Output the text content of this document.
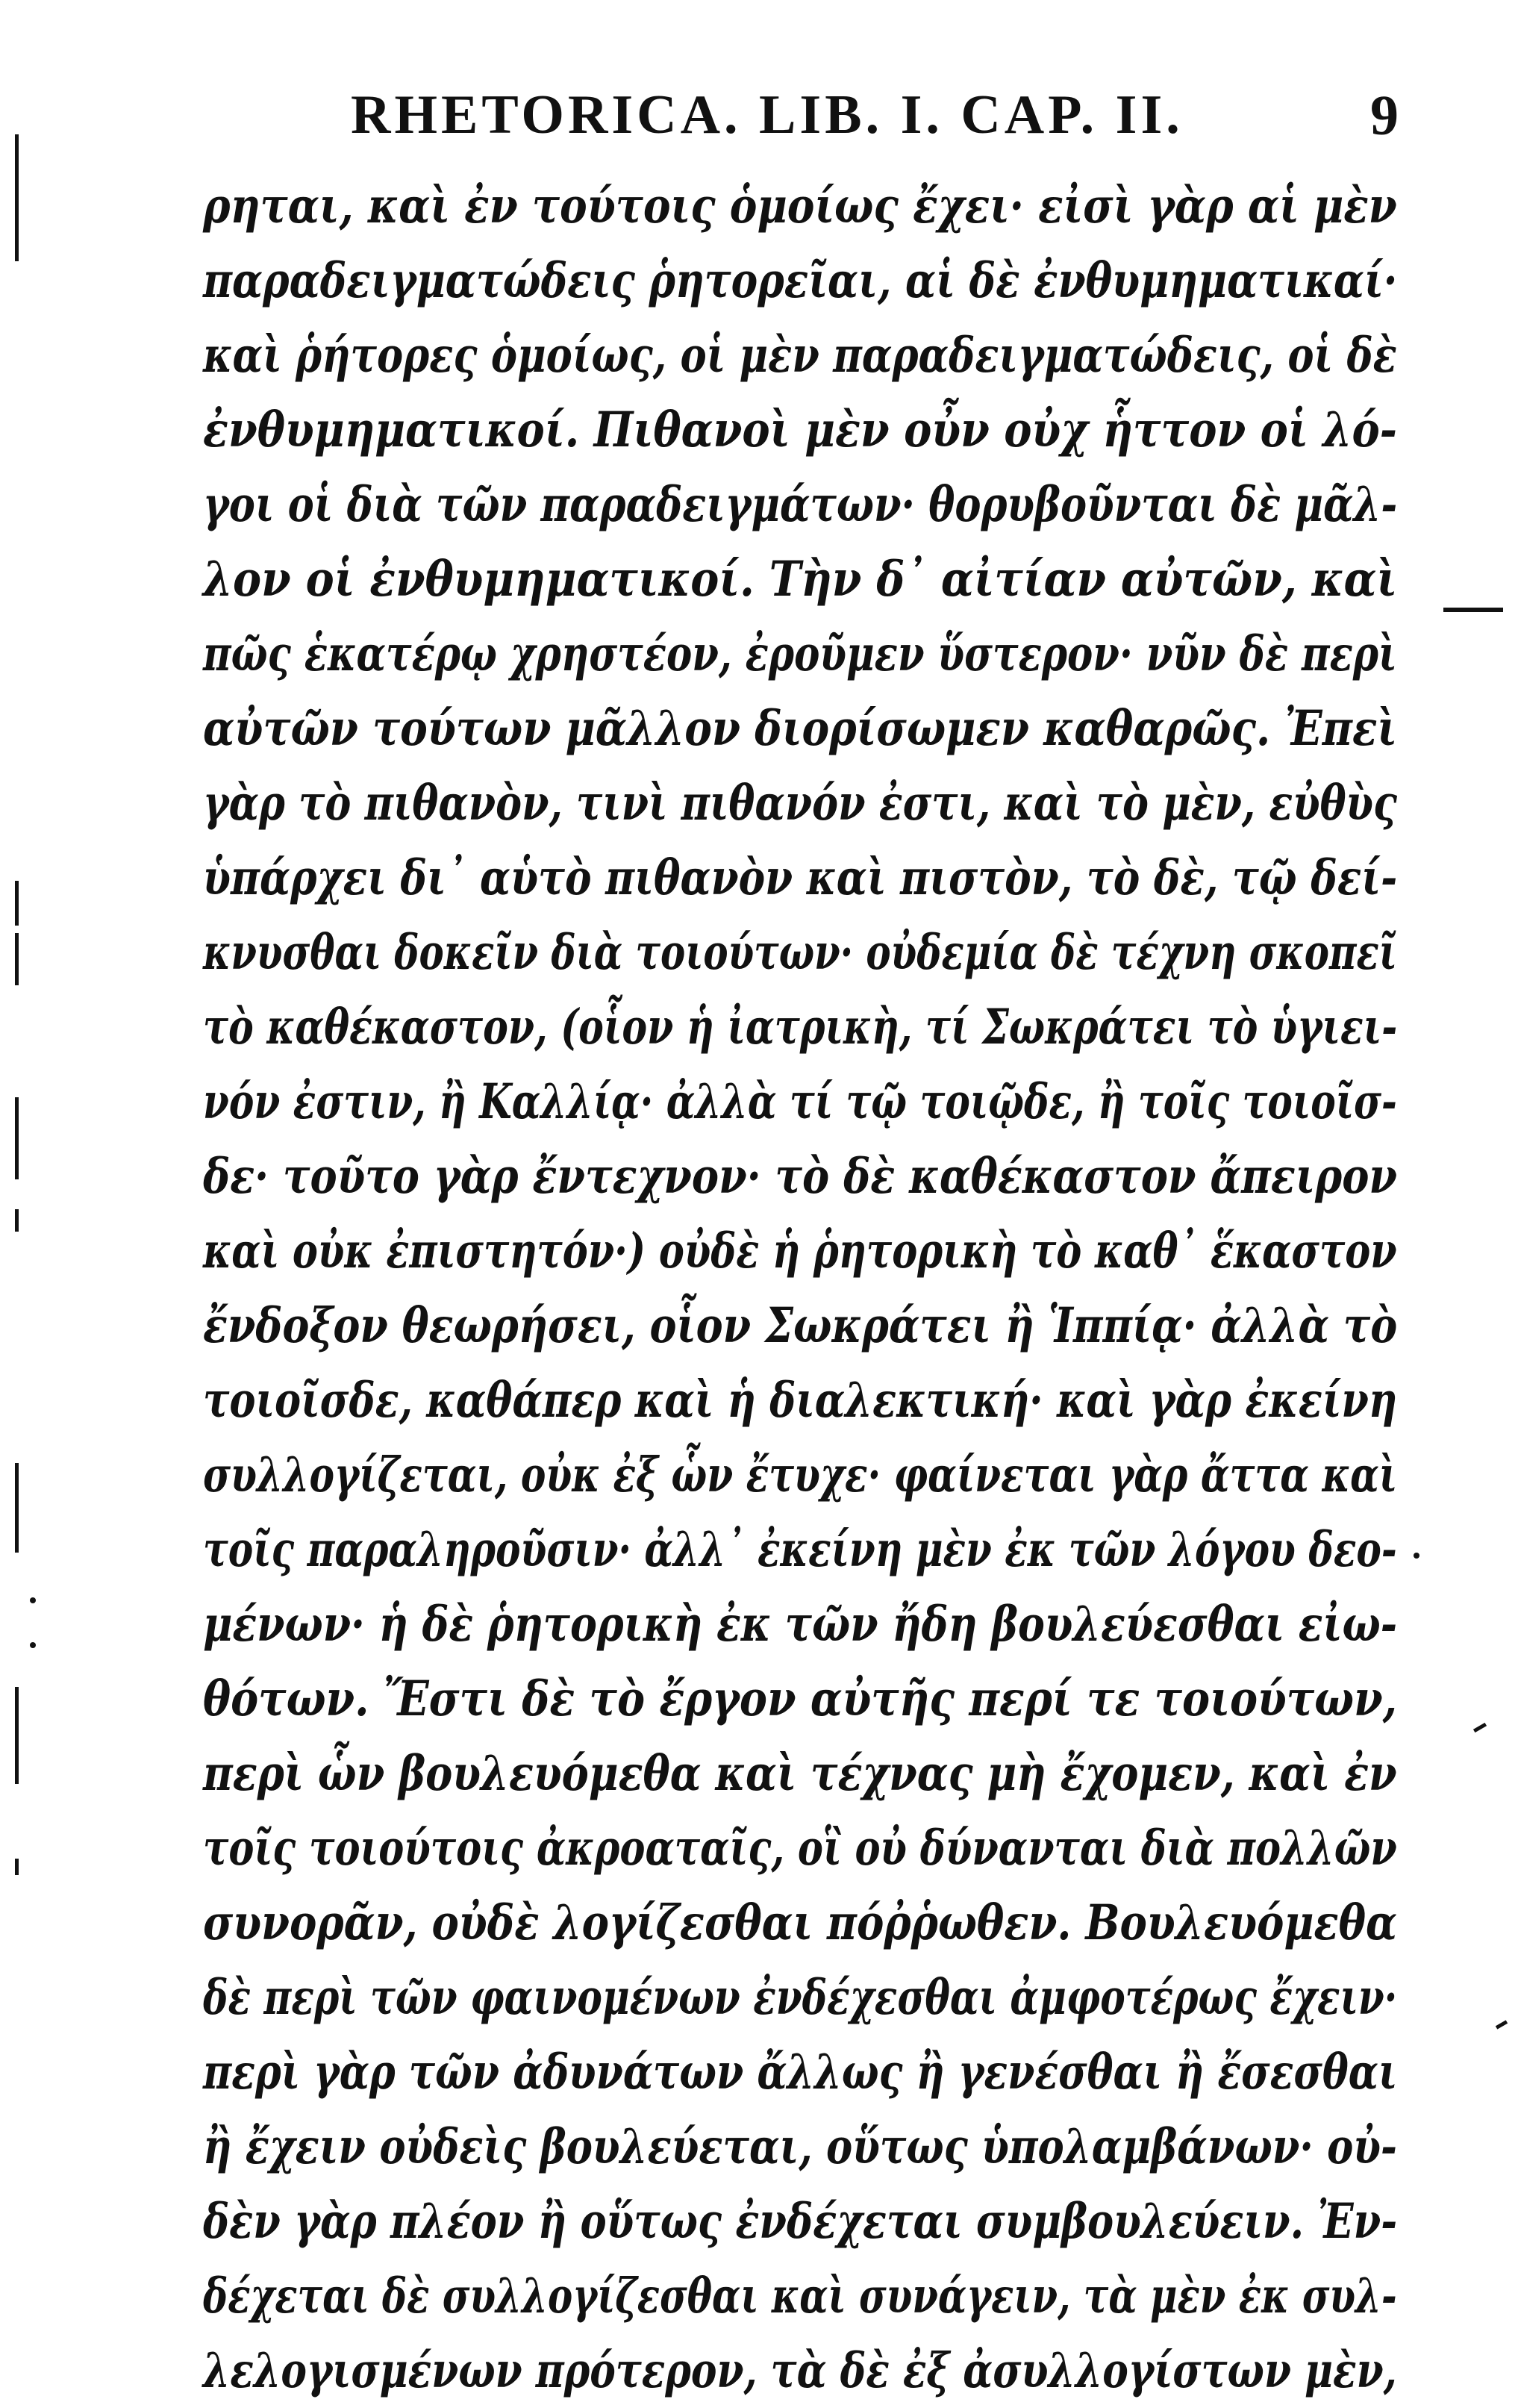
RHETORICA. LIB. I. CAP. II.	9
ρηται, καὶ ἐν τούτοις ὁμοίως ἔχει· εἰσὶ γὰρ αἱ μὲν
παραδειγματώδεις ῥητορεῖαι, αἱ δὲ ἐνθυμηματικαί·
καὶ ῥήτορες ὁμοίως, οἱ μὲν παραδειγματώδεις, οἱ δὲ
ἐνθυμηματικοί. Πιθανοὶ μὲν οὖν οὐχ ἧττον οἱ λό-
γοι οἱ διὰ τῶν παραδειγμάτων· θορυβοῦνται δὲ μᾶλ-
λον οἱ ἐνθυμηματικοί. Τὴν δ᾽ αἰτίαν αὐτῶν, καὶ
πῶς ἑκατέρῳ χρηστέον, ἐροῦμεν ὕστερον· νῦν δὲ περὶ
αὐτῶν τούτων μᾶλλον διορίσωμεν καθαρῶς. Ἐπεὶ
γὰρ τὸ πιθανὸν, τινὶ πιθανόν ἐστι, καὶ τὸ μὲν, εὐθὺς
ὑπάρχει δι᾽ αὑτὸ πιθανὸν καὶ πιστὸν, τὸ δὲ, τῷ δεί-
κνυσθαι δοκεῖν διὰ τοιούτων· οὐδεμία δὲ τέχνη σκοπεῖ
τὸ καθέκαστον, (οἷον ἡ ἰατρικὴ, τί Σωκράτει τὸ ὑγιει-
νόν ἐστιν, ἢ Καλλίᾳ· ἀλλὰ τί τῷ τοιῷδε, ἢ τοῖς τοιοῖσ-
δε· τοῦτο γὰρ ἔντεχνον· τὸ δὲ καθέκαστον ἄπειρον
καὶ οὐκ ἐπιστητόν·) οὐδὲ ἡ ῥητορικὴ τὸ καθ᾽ ἕκαστον
ἔνδοξον θεωρήσει, οἷον Σωκράτει ἢ Ἱππίᾳ· ἀλλὰ τὸ
τοιοῖσδε, καθάπερ καὶ ἡ διαλεκτική· καὶ γὰρ ἐκείνη
συλλογίζεται, οὐκ ἐξ ὧν ἔτυχε· φαίνεται γὰρ ἄττα καὶ
τοῖς παραληροῦσιν· ἀλλ᾽ ἐκείνη μὲν ἐκ τῶν λόγου δεο-
μένων· ἡ δὲ ῥητορικὴ ἐκ τῶν ἤδη βουλεύεσθαι εἰω-
θότων. Ἔστι δὲ τὸ ἔργον αὐτῆς περί τε τοιούτων,
περὶ ὧν βουλευόμεθα καὶ τέχνας μὴ ἔχομεν, καὶ ἐν
τοῖς τοιούτοις ἀκροαταῖς, οἳ οὐ δύνανται διὰ πολλῶν
συνορᾶν, οὐδὲ λογίζεσθαι πόῤῥωθεν. Βουλευόμεθα
δὲ περὶ τῶν φαινομένων ἐνδέχεσθαι ἀμφοτέρως ἔχειν·
περὶ γὰρ τῶν ἀδυνάτων ἄλλως ἢ γενέσθαι ἢ ἔσεσθαι
ἢ ἔχειν οὐδεὶς βουλεύεται, οὕτως ὑπολαμβάνων· οὐ-
δὲν γὰρ πλέον ἢ οὕτως ἐνδέχεται συμβουλεύειν. Ἐν-
δέχεται δὲ συλλογίζεσθαι καὶ συνάγειν, τὰ μὲν ἐκ συλ-
λελογισμένων πρότερον, τὰ δὲ ἐξ ἀσυλλογίστων μὲν,
